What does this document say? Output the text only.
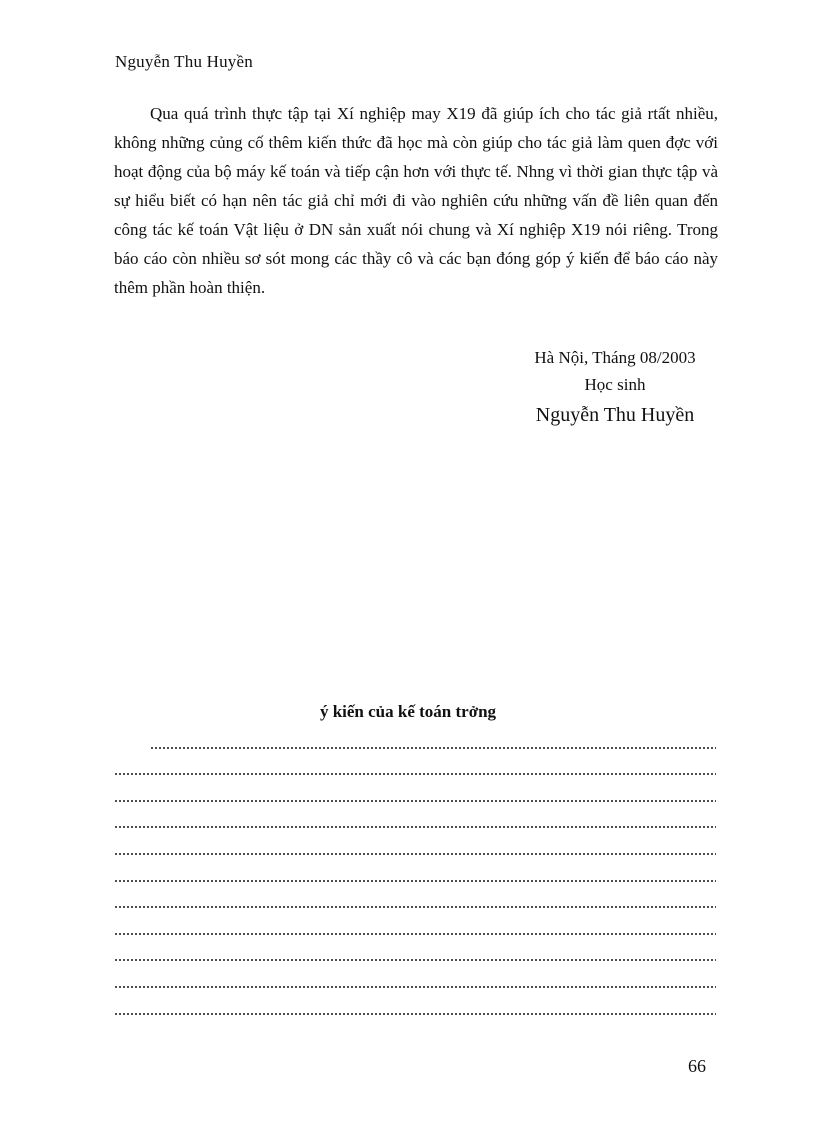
Nguyễn Thu Huyền

Qua quá trình thực tập tại Xí nghiệp may X19 đã giúp ích cho tác giả rtất nhiều, không những củng cố thêm kiến thức đã học mà còn giúp cho tác giả làm quen đợc với hoạt động của bộ máy kế toán và tiếp cận hơn với thực tế. Nhng vì thời gian thực tập và sự hiểu biết có hạn nên tác giả chỉ mới đi vào nghiên cứu những vấn đề liên quan đến công tác kế toán Vật liệu ở DN sản xuất nói chung và Xí nghiệp X19 nói riêng. Trong báo cáo còn nhiều sơ sót mong các thầy cô và các bạn đóng góp ý kiến để báo cáo này thêm phần hoàn thiện.

Hà Nội, Tháng 08/2003
Học sinh
Nguyễn Thu Huyền
ý kiến của kế toán trởng
66
